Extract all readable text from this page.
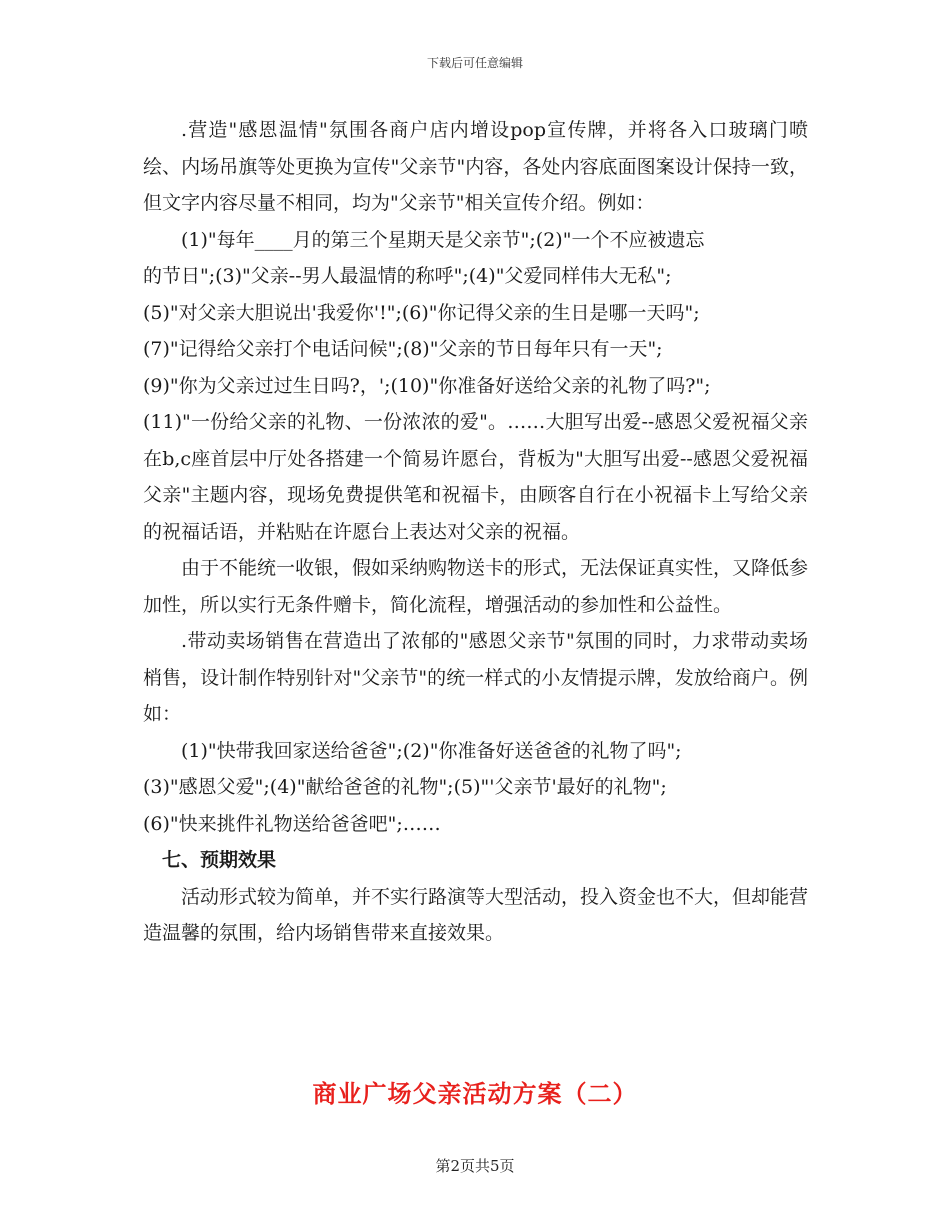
下载后可任意编辑

.营造"感恩温情"氛围各商户店内增设pop宣传牌，并将各入口玻璃门喷绘、内场吊旗等处更换为宣传"父亲节"内容，各处内容底面图案设计保持一致，但文字内容尽量不相同，均为"父亲节"相关宣传介绍。例如：

(1)"每年____月的第三个星期天是父亲节";(2)"一个不应被遗忘

的节日";(3)"父亲--男人最温情的称呼";(4)"父爱同样伟大无私";

(5)"对父亲大胆说出'我爱你'!";(6)"你记得父亲的生日是哪一天吗";

(7)"记得给父亲打个电话问候";(8)"父亲的节日每年只有一天";

(9)"你为父亲过过生日吗?，';(10)"你准备好送给父亲的礼物了吗?";

(11)"一份给父亲的礼物、一份浓浓的爱"。……大胆写出爱--感恩父爱祝福父亲在b,c座首层中厅处各搭建一个简易许愿台，背板为"大胆写出爱--感恩父爱祝福父亲"主题内容，现场免费提供笔和祝福卡，由顾客自行在小祝福卡上写给父亲的祝福话语，并粘贴在许愿台上表达对父亲的祝福。

由于不能统一收银，假如采纳购物送卡的形式，无法保证真实性，又降低参加性，所以实行无条件赠卡，简化流程，增强活动的参加性和公益性。

.带动卖场销售在营造出了浓郁的"感恩父亲节"氛围的同时，力求带动卖场梢售，设计制作特别针对"父亲节"的统一样式的小友情提示牌，发放给商户。例如：

(1)"快带我回家送给爸爸";(2)"你准备好送爸爸的礼物了吗";

(3)"感恩父爱";(4)"献给爸爸的礼物";(5)"'父亲节'最好的礼物";

(6)"快来挑件礼物送给爸爸吧";……

七、预期效果

活动形式较为简单，并不实行路演等大型活动，投入资金也不大，但却能营造温馨的氛围，给内场销售带来直接效果。

商业广场父亲活动方案（二）
第2页共5页
